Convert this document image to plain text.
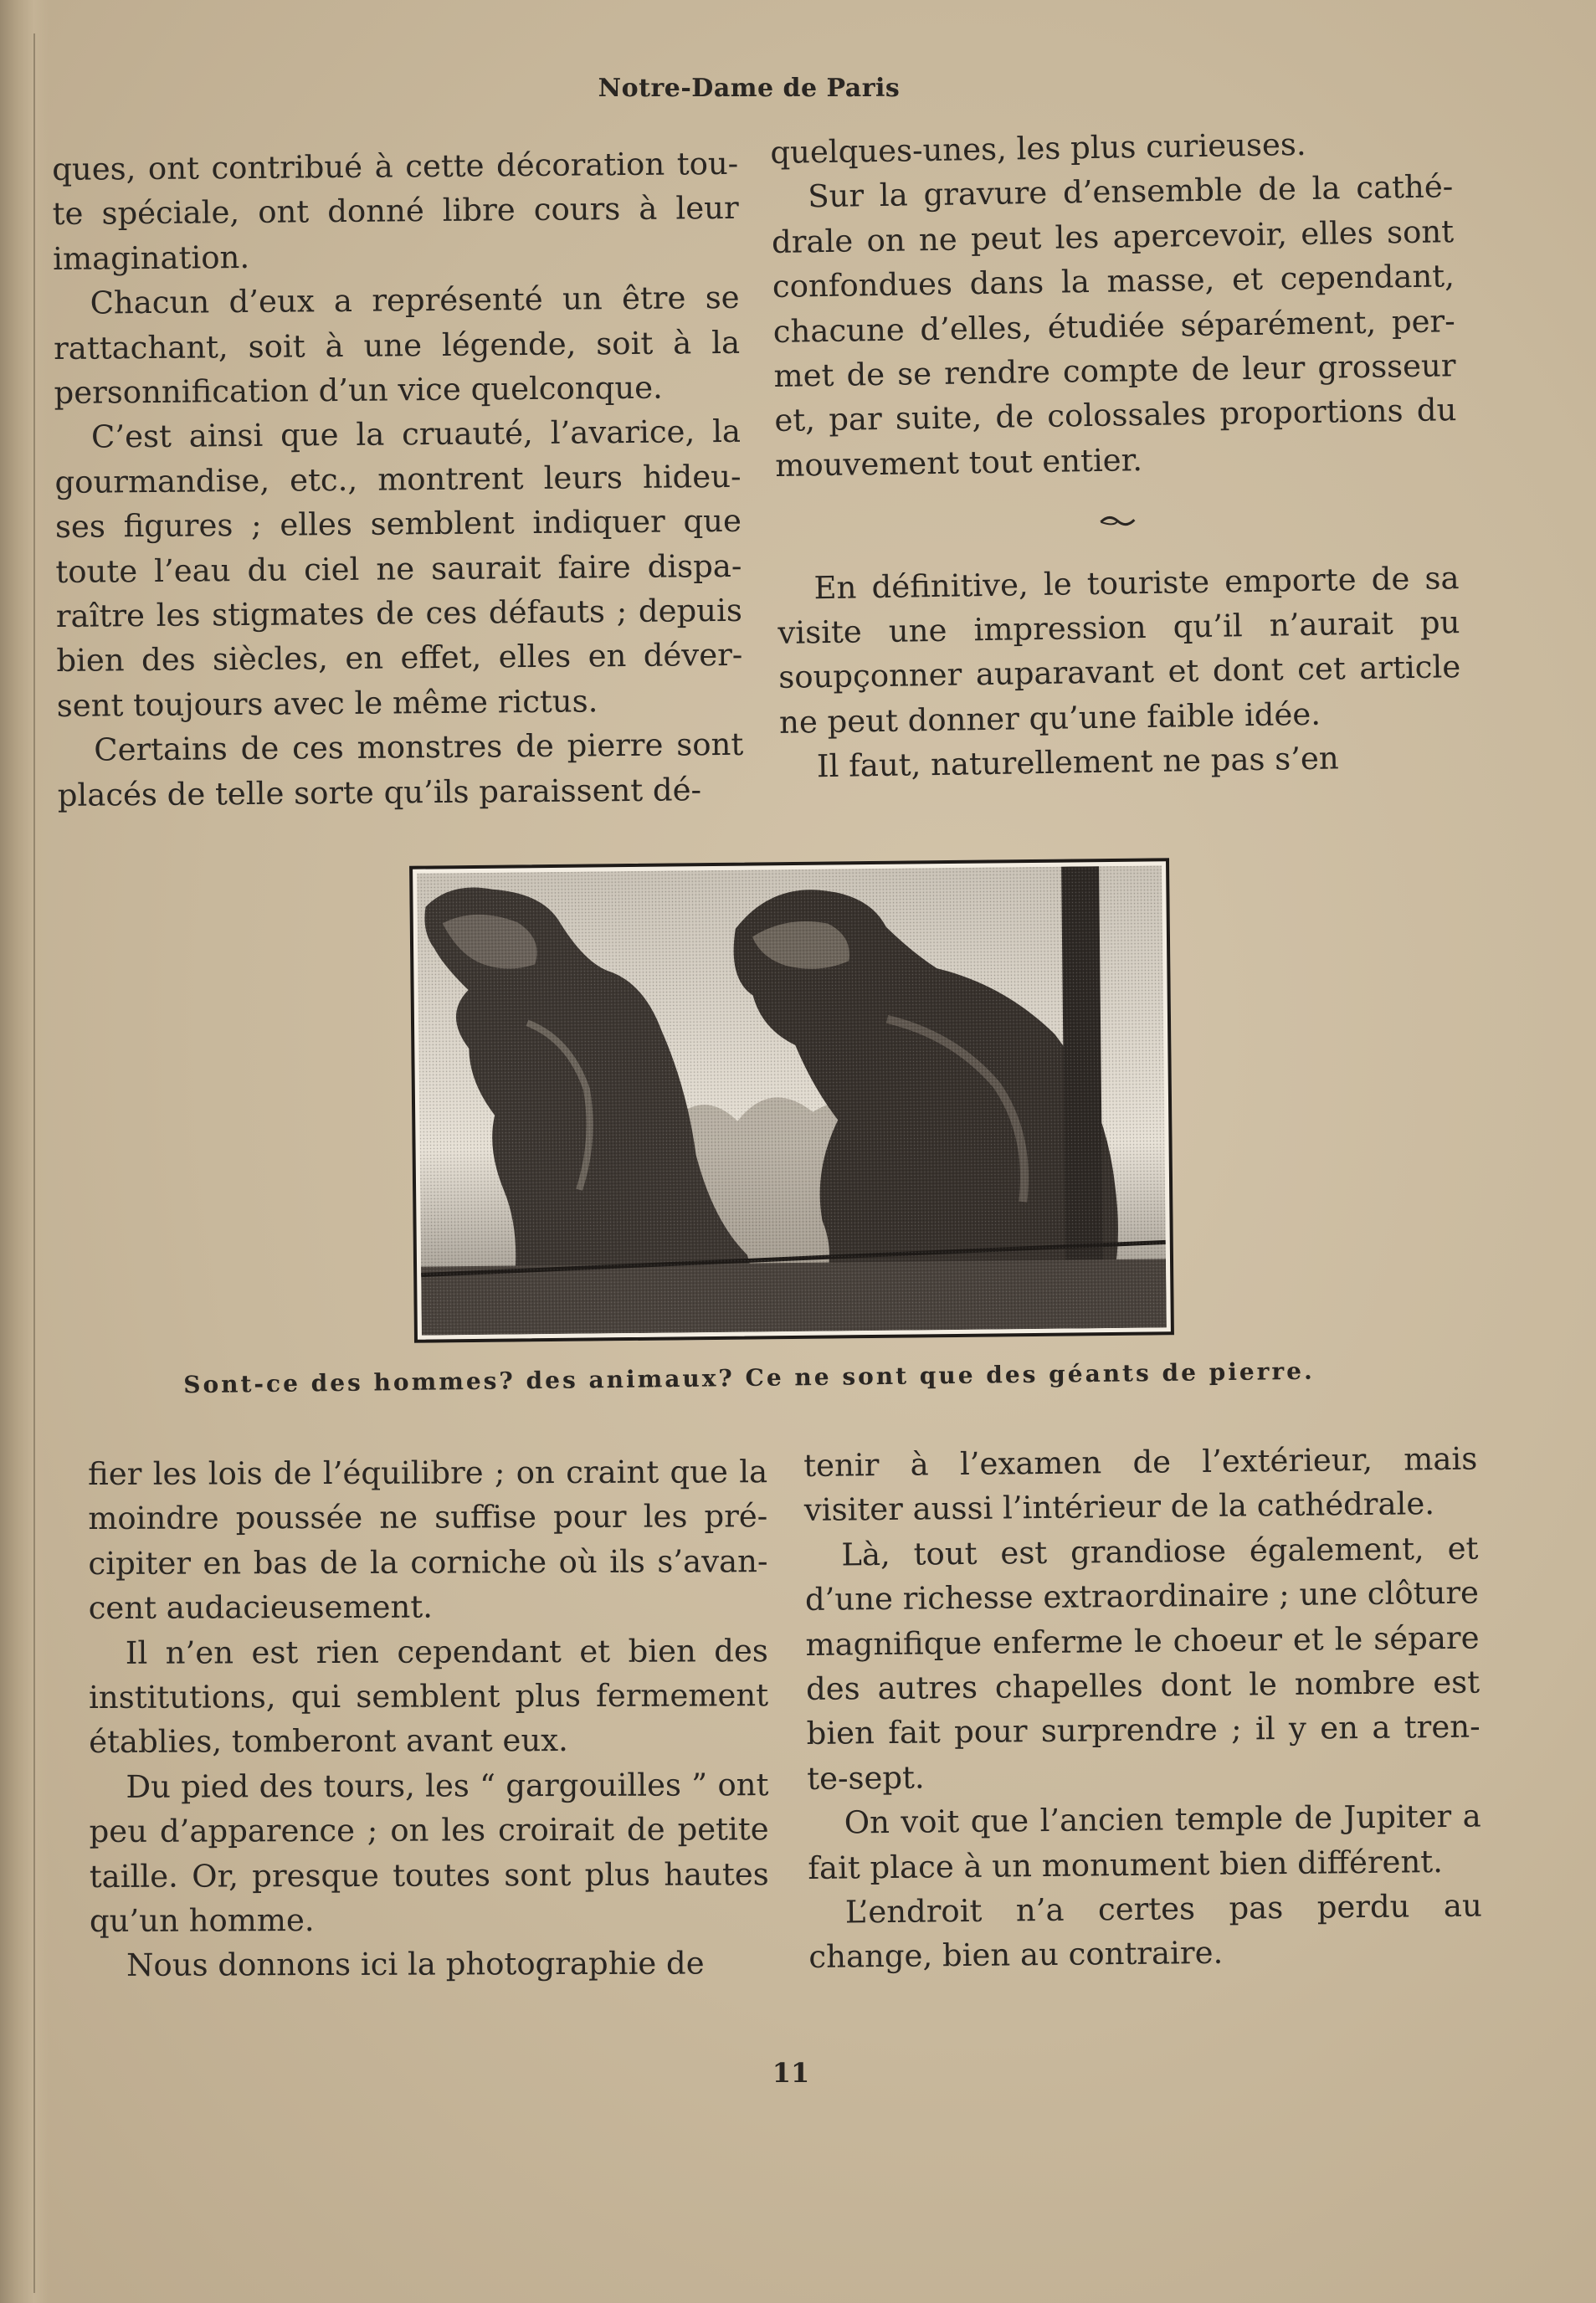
Notre-Dame de Paris

ques, ont contribué à cette décoration tou-te spéciale, ont donné libre cours à leur imagination.

Chacun d’eux a représenté un être se rattachant, soit à une légende, soit à la personnification d’un vice quelconque.

C’est ainsi que la cruauté, l’avarice, la gourmandise, etc., montrent leurs hideu-ses figures ; elles semblent indiquer que toute l’eau du ciel ne saurait faire dispa-raître les stigmates de ces défauts ; depuis bien des siècles, en effet, elles en déver-sent toujours avec le même rictus.

Certains de ces monstres de pierre sont placés de telle sorte qu’ils paraissent dé-

quelques-unes, les plus curieuses.

Sur la gravure d’ensemble de la cathé-drale on ne peut les apercevoir, elles sont confondues dans la masse, et cependant, chacune d’elles, étudiée séparément, per-met de se rendre compte de leur grosseur et, par suite, de colossales proportions du mouvement tout entier.

En définitive, le touriste emporte de sa visite une impression qu’il n’aurait pu soupçonner auparavant et dont cet article ne peut donner qu’une faible idée.

Il faut, naturellement ne pas s’en

Sont-ce des hommes? des animaux? Ce ne sont que des géants de pierre.

fier les lois de l’équilibre ; on craint que la moindre poussée ne suffise pour les pré-cipiter en bas de la corniche où ils s’avan-cent audacieusement.

Il n’en est rien cependant et bien des institutions, qui semblent plus fermement établies, tomberont avant eux.

Du pied des tours, les “ gargouilles ” ont peu d’apparence ; on les croirait de petite taille. Or, presque toutes sont plus hautes qu’un homme.

Nous donnons ici la photographie de

tenir à l’examen de l’extérieur, mais visiter aussi l’intérieur de la cathédrale.

Là, tout est grandiose également, et d’une richesse extraordinaire ; une clôture magnifique enferme le choeur et le sépare des autres chapelles dont le nombre est bien fait pour surprendre ; il y en a tren-te-sept.

On voit que l’ancien temple de Jupiter a fait place à un monument bien différent.

L’endroit n’a certes pas perdu au change, bien au contraire.

11
